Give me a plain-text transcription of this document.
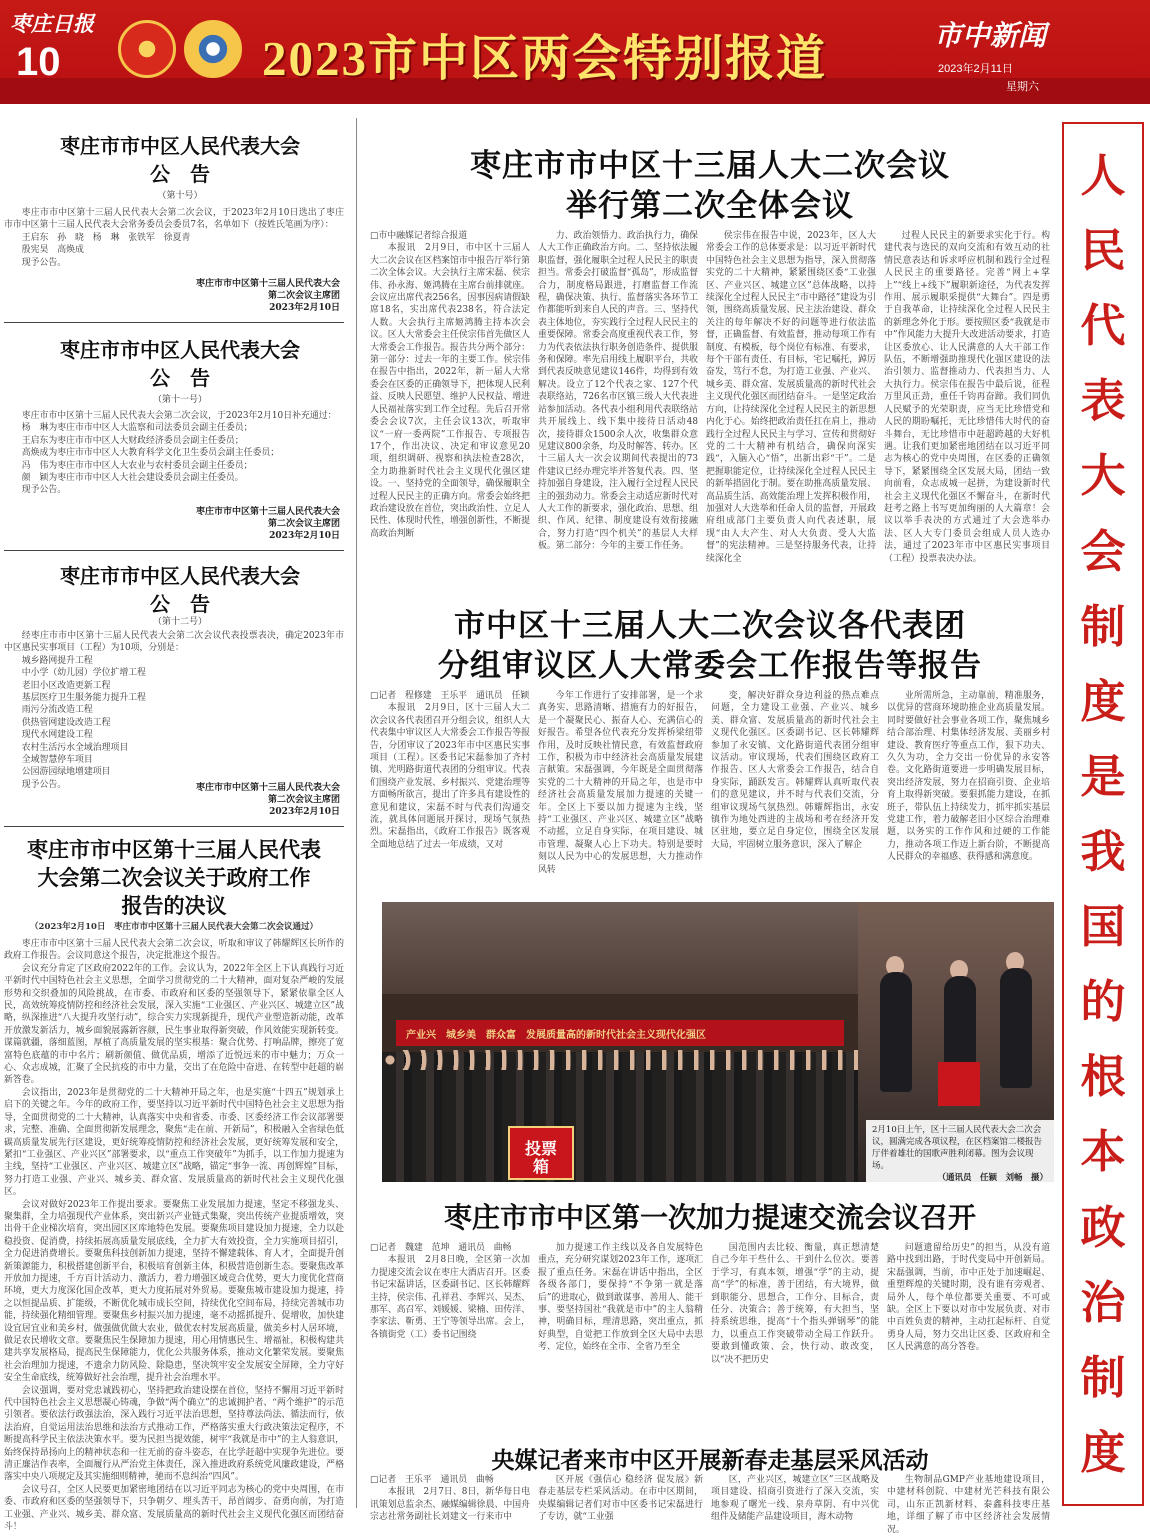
枣庄日报
10	2023市中区两会特别报道	市中新闻
2023年2月11日
星期六
人
民
代
表
大
会
制
度
是
我
国
的
根
本
政
治
制
度
枣庄市市中区人民代表大会
公　告
（第十号）

枣庄市市中区第十三届人民代表大会第二次会议，于2023年2月10日选出了枣庄市市中区第十三届人民代表大会常务委员会委员7名，名单如下（按姓氏笔画为序）：

王启东　孙　晓　杨　琳　张铁军　徐夏青

殷宪昊　高焕成

现予公告。

枣庄市市中区第十三届人民代表大会
第二次会议主席团
2023年2月10日
枣庄市市中区人民代表大会
公　告
（第十一号）

枣庄市市中区第十三届人民代表大会第二次会议，于2023年2月10日补充通过：

杨　琳为枣庄市市中区人大监察和司法委员会副主任委员；

王启东为枣庄市市中区人大财政经济委员会副主任委员；

高焕成为枣庄市市中区人大教育科学文化卫生委员会副主任委员；

冯　伟为枣庄市市中区人大农业与农村委员会副主任委员；

颜　颖为枣庄市市中区人大社会建设委员会副主任委员。

现予公告。

枣庄市市中区第十三届人民代表大会
第二次会议主席团
2023年2月10日
枣庄市市中区人民代表大会
公　告
（第十二号）

经枣庄市市中区第十三届人民代表大会第二次会议代表投票表决，确定2023年市中区惠民实事项目（工程）为10项，分别是：

城乡路网提升工程

中小学（幼儿园）学位扩增工程

老旧小区改造更新工程

基层医疗卫生服务能力提升工程

雨污分流改造工程

供热管网建设改造工程

现代水网建设工程

农村生活污水全域治理项目

全域智慧停车项目

公园游园绿地增建项目

现予公告。	枣庄市市中区第十三届人民代表大会
第二次会议主席团
2023年2月10日
枣庄市市中区第十三届人民代表
大会第二次会议关于政府工作
报告的决议
（2023年2月10日　枣庄市市中区第十三届人民代表大会第二次会议通过）

枣庄市市中区第十三届人民代表大会第二次会议，听取和审议了韩耀辉区长所作的政府工作报告。会议同意这个报告，决定批准这个报告。

会议充分肯定了区政府2022年的工作。会议认为，2022年全区上下认真践行习近平新时代中国特色社会主义思想，全面学习贯彻党的二十大精神，面对复杂严峻的发展形势和交织叠加的风险挑战，在市委、市政府和区委的坚强领导下，紧紧依靠全区人民，高效统筹疫情防控和经济社会发展，深入实施“工业强区、产业兴区、城建立区”战略，纵深推进“八大提升攻坚行动”，综合实力实现新提升，现代产业塑造新动能，改革开放激发新活力，城乡面貌展露新容颜，民生事业取得新突破，作风效能实现新转变。谋篇就疆，落细蓝图，厚植了高质量发展的坚实根基：聚合优势、打响品牌，擦亮了宽富特色底蕴的市中名片；刷新颜值、做优品质，增添了近悦远来的市中魅力；万众一心、众志成城，汇聚了全民抗疫的市中力量，交出了在危险中奋进、在转型中赶超的崭新答卷。

会议指出，2023年是贯彻党的二十大精神开局之年，也是实施“十四五”规划承上启下的关键之年。今年的政府工作，要坚持以习近平新时代中国特色社会主义思想为指导，全面贯彻党的二十大精神，认真落实中央和省委、市委、区委经济工作会议部署要求，完整、准确、全面贯彻新发展理念，聚焦“走在前、开新局”，积极融入全省绿色低碳高质量发展先行区建设，更好统筹疫情防控和经济社会发展，更好统筹发展和安全，紧扣“工业强区、产业兴区”部署要求，以“重点工作突破年”为抓手，以工作加力提速为主线，坚持“工业强区、产业兴区、城建立区”战略，锚定“事争一流、再创辉煌”目标，努力打造工业强、产业兴、城乡美、群众富、发展质量高的新时代社会主义现代化强区。

会议对做好2023年工作提出要求。要聚焦工业发展加力提速，坚定不移强龙头、聚集群，全力培强现代产业体系，突出新兴产业链式集聚，突出传统产业提质增效，突出骨干企业梯次培育，突出园区区库地特色发展。要聚焦项目建设加力提速，全力以赴稳投资、促消费，持续拓展高质量发展底线，全力扩大有效投资，全力实施项目招引，全力促进消费增长。要聚焦科技创新加力提速，坚持不懈建载体、育人才，全面提升创新策源能力，积极搭建创新平台，积极培育创新主体，积极营造创新生态。要聚焦改革开放加力提速，千方百计活动力、激活力，着力增强区域竞合优势，更大力度优化营商环境，更大力度深化国企改革，更大力度拓展对外贸易。要聚焦城市建设加力提速，持之以恒提品质、扩能级，不断优化城市成长空间，持续优化空间布局，持续完善城市功能，持续强化精细管理。要聚焦乡村振兴加力提速，毫不动摇抓提升、促增收，加快建设宜居宜业和美乡村，做强做优做大农业，做优农村发展高质量，做美乡村人居环境，做足农民增收文章。要聚焦民生保障加力提速，用心用情惠民生、增福祉，积极构建共建共享发展格局，提高民生保障能力，优化公共服务体系，推动文化繁荣发展。要聚焦社会治理加力提速，不遗余力防风险、除隐患，坚决筑牢安全发展安全屏障，全力守好安全生命底线，统筹做好社会治理，提升社会治理水平。

会议强调，要对党忠诚践初心，坚持把政治建设摆在首位，坚持不懈用习近平新时代中国特色社会主义思想凝心铸魂，争做“两个确立”的忠诚拥护者、“两个维护”的示范引领者。要依法行政强法治，深入践行习近平法治思想，坚持尊法尚法、循法而行，依法治府，自觉运用法治思维和法治方式推动工作，严格落实重大行政决策法定程序，不断提高科学民主依法决策水平。要为民担当提效能，树牢“我就是市中”的主人翁意识，始终保持昂扬向上的精神状态和一往无前的奋斗姿态，在比学赶超中实现争先进位。要清正廉洁作表率，全面履行从严治党主体责任，深入推进政府系统党风廉政建设，严格落实中央八项规定及其实施细则精神，驰而不息纠治“四风”。

会议号召，全区人民要更加紧密地团结在以习近平同志为核心的党中央周围，在市委、市政府和区委的坚强领导下，只争朝夕、埋头苦干，昂首阔步、奋勇向前，为打造工业强、产业兴、城乡美、群众富、发展质量高的新时代社会主义现代化强区而团结奋斗！

枣庄市市中区十三届人大二次会议
举行第二次全体会议
□市中融媒记者综合报道

本报讯　2月9日，市中区十三届人大二次会议在区档案馆市中报告厅举行第二次全体会议。大会执行主席宋磊、侯宗伟、孙永海、姬鸿腾在主席台前排就座。会议应出席代表256名，因事因病请假缺席18名，实出席代表238名，符合法定人数。大会执行主席姬鸿腾主持本次会议。区人大常委会主任侯宗伟首先做区人大常委会工作报告。报告共分两个部分：第一部分：过去一年的主要工作。侯宗伟在报告中指出，2022年，新一届人大常委会在区委的正确领导下，把体现人民利益、反映人民愿望、维护人民权益、增进人民福祉落实到工作全过程。先后召开常委会会议7次，主任会议13次，听取审议“一府一委两院”工作报告、专项报告17个，作出决议、决定和审议意见20项，组织调研、视察和执法检查28次，全力助推新时代社会主义现代化强区建设。一、坚持党的全面领导，确保履职全过程人民民主的正确方向。常委会始终把政治建设放在首位，突出政治性、立足人民性、体现时代性，增强创新性，不断提高政治判断

力、政治领悟力、政治执行力，确保人大工作正确政治方向。二、坚持依法履职监督，强化履职全过程人民民主的职责担当。常委会打破监督“孤岛”，形成监督合力，制度格局跟进，打磨监督工作流程，确保决策、执行、监督落实各环节工作都能听到来自人民的声音。三、坚持代表主体地位，夯实践行全过程人民民主的重要保障。常委会高度重视代表工作，努力为代表依法执行职务创造条件、提供服务和保障。率先启用线上履职平台，共收到代表反映意见建议146件，均得到有效解决。设立了12个代表之家、127个代表联络站，726名市区镇三级人大代表进站参加活动。各代表小组利用代表联络站共开展线上、线下集中接待日活动48次，接待群众1500余人次，收集群众意见建议800余条，均及时解答、转办。区十三届人大一次会议期间代表提出的73件建议已经办理完毕并答复代表。四、坚持加强自身建设，注入履行全过程人民民主的强劲动力。常委会主动适应新时代对人大工作的新要求，强化政治、思想、组织、作风、纪律、制度建设有效衔接融合，努力打造“四个机关”的基层人大样板。第二部分：今年的主要工作任务。

侯宗伟在报告中说，2023年，区人大常委会工作的总体要求是：以习近平新时代中国特色社会主义思想为指导，深入贯彻落实党的二十大精神，紧紧围绕区委“工业强区、产业兴区、城建立区”总体战略，以持续深化全过程人民民主“市中路径”建设为引领，围绕高质量发展、民主法治建设、群众关注的每年解决不好的问题等进行依法监督，正确监督、有效监督，推动每项工作有制度、有模板，每个岗位有标准、有要求，每个干部有责任、有目标，宅记嘱托，踔厉奋发，笃行不怠，为打造工业强、产业兴、城乡美、群众富、发展质量高的新时代社会主义现代化强区而团结奋斗。一是坚定政治方向，让持续深化全过程人民民主的新思想内化于心。始终把政治责任扛在肩上，推动践行全过程人民民主与学习、宣传和贯彻好党的二十大精神有机结合，确保向深实践“，入脑入心“悟”，出新出彩“干”。二是把握职能定位，让持续深化全过程人民民主的新举措固化于制。要在助推高质量发展、高品质生活、高效能治理上发挥积极作用，加强对人大选举和任命人员的监督，开展政府组成部门主要负责人向代表述职，展现“由人大产生、对人大负责、受人大监督”的宪法精神。三是坚持服务代表，让持续深化全

过程人民民主的新要求实化于行。构建代表与选民的双向交流和有效互动的社情民意表达和诉求呼应机制和践行全过程人民民主的重要路径。完善“网上+掌上”“线上+线下”履职新途径，为代表发挥作用、展示履职采提供“大舞台”。四是勇于自我革命，让持续深化全过程人民民主的新理念外化于形。要按照区委“我就是市中”作风能力大提升大改进活动要求，打造让区委放心、让人民满意的人大干部工作队伍，不断增强助推现代化强区建设的法治引领力、监督推动力、代表担当力、人大执行力。侯宗伟在报告中最后说，征程万里风正劲，重任千钧再奋蹄。我们同仇人民赋予的光荣职责，应当无比珍惜党和人民的期盼嘱托，无比珍惜伟大时代的奋斗舞台，无比珍惜市中赶超跨越的大好机遇。让我们更加紧密地团结在以习近平同志为核心的党中央周围，在区委的正确领导下，紧紧围绕全区发展大局，团结一致向前看，众志成城一起拼，为建设新时代社会主义现代化强区不懈奋斗，在新时代赶考之路上书写更加绚丽的人大篇章！会议以举手表决的方式通过了大会选举办法、区人大专门委员会组成人员人选办法，通过了2023年市中区惠民实事项目（工程）投票表决办法。

市中区十三届人大二次会议各代表团
分组审议区人大常委会工作报告等报告
□记者　程修建　王乐平　通讯员　任颖

本报讯　2月9日，区十三届人大二次会议各代表团召开分组会议，组织人大代表集中审议区人大常委会工作报告等报告，分团审议了2023年市中区惠民实事项目（工程）。区委书记宋磊参加了齐村镇、光明路街道代表团的分组审议。代表们围绕产业发展、乡村振兴、党建治理等方面畅所欲言，提出了许多具有建设性的意见和建议，宋磊不时与代表们沟通交流，就具体问题展开探讨，现场气氛热烈。宋磊指出，《政府工作报告》既客观全面地总结了过去一年成绩，又对

今年工作进行了安排部署，是一个求真务实、思路清晰、措施有力的好报告，是一个凝聚民心、振奋人心、充满信心的好报告。希望各位代表充分发挥桥梁纽带作用，及时反映社情民意，有效监督政府工作，积极为市中经济社会高质量发展建言献策。宋磊强调，今年既是全面贯彻落实党的二十大精神的开局之年，也是市中经济社会高质量发展加力提速的关键一年。全区上下要以加力提速为主线，坚持“工业强区、产业兴区、城建立区”战略不动摇，立足自身实际，在项目建设、城市管理、凝聚人心上下功夫。特别是要时刻以人民为中心的发展思想，大力推动作风转

变，解决好群众身边利益的热点难点问题，全力建设工业强、产业兴、城乡美、群众富、发展质量高的新时代社会主义现代化强区。区委副书记、区长韩耀辉参加了永安镇、文化路街道代表团分组审议活动。审议现场，代表们围绕区政府工作报告、区人大常委会工作报告，结合自身实际，踊跃发言。韩耀辉认真听取代表们的意见建议，并不时与代表们交流，分组审议现场气氛热烈。韩耀辉指出，永安镇作为地处西进的主战场和考在经济开发区驻地，要立足自身定位，围绕全区发展大局，牢固树立服务意识，深入了解企

业所需所急，主动靠前，精准服务，以优异的营商环境助推企业高质量发展。同时要做好社会事业各项工作，聚焦城乡结合部治理、村集体经济发展、美丽乡村建设、教育医疗等重点工作，狠下功夫、久久为功，全力交出一份优异的永安答卷。文化路街道要进一步明确发展目标，突出经济发展，努力在招商引资、企业培育上取得新突破。要狠抓能力建设，在抓班子，带队伍上持续发力，抓牢抓实基层党建工作，着力破解老旧小区综合治理难题，以务实的工作作风和过硬的工作能力，推动各项工作迈上新台阶，不断提高人民群众的幸福感、获得感和满意度。

产业兴　城乡美　群众富　发展质量高的新时代社会主义现代化强区
投票箱
2月10日上午，区十三届人民代表大会二次会议，圆满完成各项议程，在区档案馆二楼报告厅伴着雄壮的国歌声胜利闭幕。图为会议现场。
（通讯员　任颖　刘畅　摄）
枣庄市市中区第一次加力提速交流会议召开
□记者　魏建　范坤　通讯员　曲畅

本报讯　2月8日晚，全区第一次加力提速交流会议在枣庄大酒店召开。区委书记宋磊讲话，区委副书记、区长韩耀辉主持，侯宗伟、孔祥君、李辉兴、吴杰、那军、高召军、刘媛媛、梁楠、田传洋、李家法、靳勇、王宁等领导出席。会上，各镇街党（工）委书记围绕

加力提速工作主线以及各自发展特色重点，充分研究谋划2023年工作，逐项汇报了重点任务。宋磊在讲话中指出，全区各级各部门，要保持“不争第一就是落后”的进取心，做到敢谋事、善用人、能干事、要坚持国社“我就是市中”的主人翁精神，明确目标，理清思路，突出重点，抓好典型，自觉把工作放到全区大局中去思考、定位，始终在全市、全省乃至全

国范围内去比较、衡量，真正想清楚自己今年干些什么、干到什么位次。要善于学习，有真本领，增强“学”的主动，提高“学”的标准，善于团结，有大境界，做到职能分、思想合，工作分、目标合，责任分、决策合；善于统筹，有大担当，坚持系统思维，提高“十个指头弹钢琴”的能力，以重点工作突破带动全局工作跃升。要敢到懂政策、会，快行动、敢改变，以“决不把历史

问题遗留给历史”的担当，从没有道路中找到出路，于时代变局中开创新局。宋磊强调，当前，市中正处于加速崛起、重塑辉煌的关键时期，没有谁有旁观者、局外人，每个单位都要关重要、不可或缺。全区上下要以对市中发展负责、对市中百姓负责的精神，主动扛起标杆、自觉勇身人局，努力交出让区委、区政府和全区人民满意的高分答卷。

央媒记者来市中区开展新春走基层采风活动
□记者　王乐平　通讯员　曲畅

本报讯　2月7日、8日，新华每日电讯策划总监余杰、融媒编辑徐晨、中国舟宗志社常务副社长刘建文一行来市中

区开展《强信心 稳经济 促发展》新春走基层专栏采风活动。在市中区期间，央媒编辑记者们对市中区委书记宋磊进行了专访，就“工业强

区，产业兴区，城建立区”三区战略及项目建设、招商引资进行了深入交流，实地参观了曙光一线、泉舟草阴、有中兴优组件及储能产品建设项目，海木动物

生物制品GMP产业基地建设项目，中建材科创院、中建材光芒科技有限公司，山东正凯新材料、泰鑫科技枣庄基地，详细了解了市中区经济社会发展情况。
